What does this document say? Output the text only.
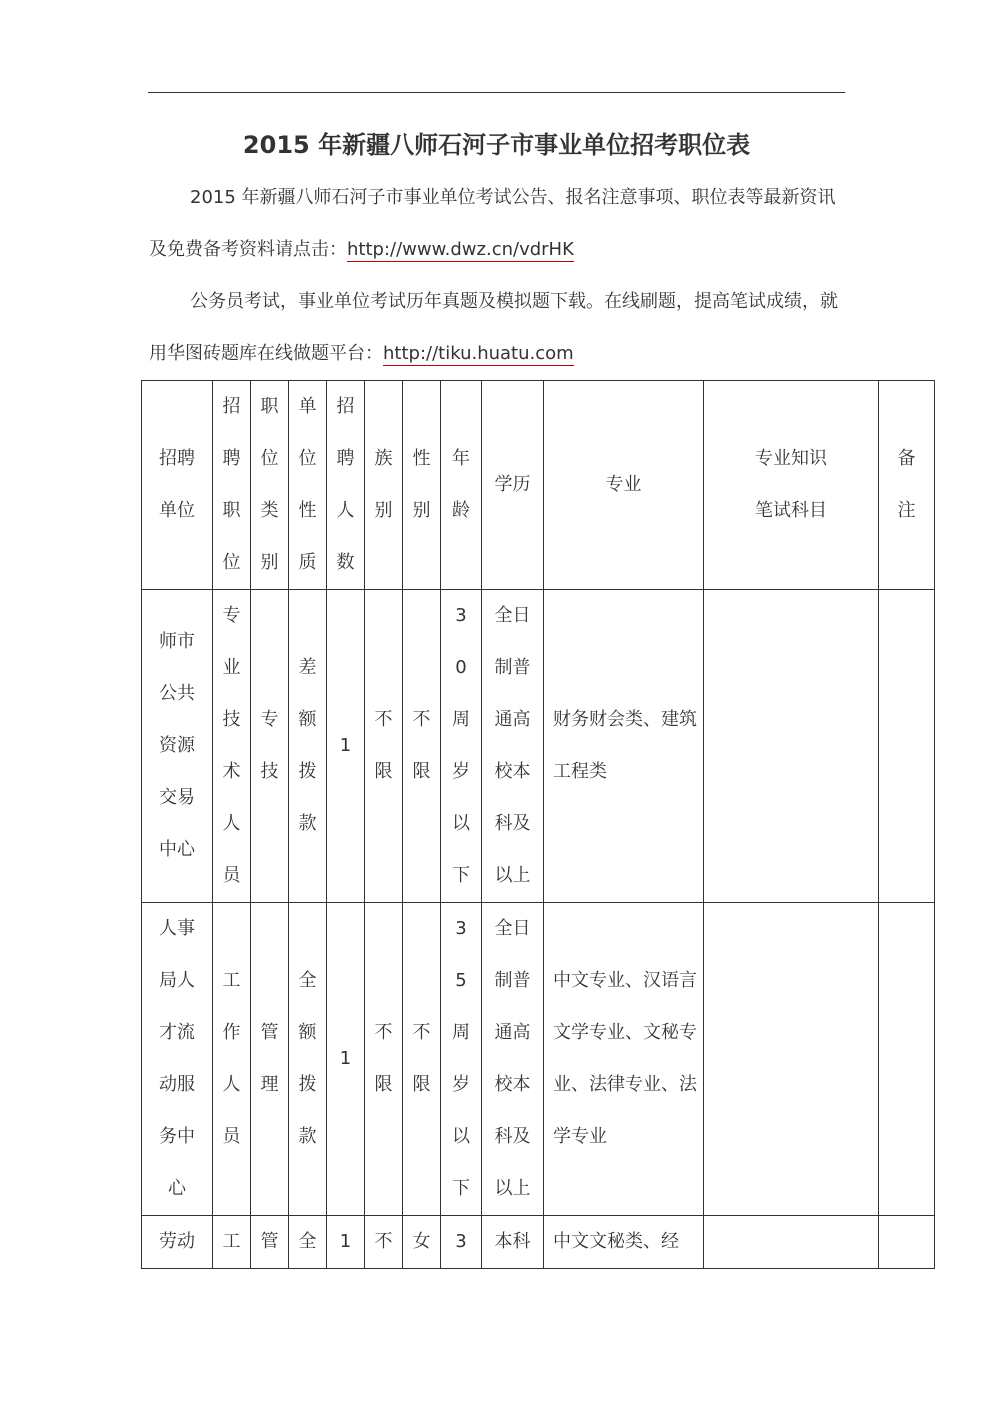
2015 年新疆八师石河子市事业单位招考职位表
2015 年新疆八师石河子市事业单位考试公告、报名注意事项、职位表等最新资讯及免费备考资料请点击：http://www.dwz.cn/vdrHK
公务员考试，事业单位考试历年真题及模拟题下载。在线刷题，提高笔试成绩，就用华图砖题库在线做题平台：http://tiku.huatu.com
招聘单位	招聘职位	职位类别	单位性质	招聘人数	族别	性别	年龄	学历	专业	专业知识笔试科目	备注

师市公共资源交易中心	专业技术人员	专技	差额拨款	1	不限	不限	30周岁以下	全日制普通高校本科及以上	财务财会类、建筑工程类		

人事局人才流动服务中心	工作人员	管理	全额拨款	1	不限	不限	35周岁以下	全日制普通高校本科及以上	中文专业、汉语言文学专业、文秘专业、法律专业、法学专业		

劳动	工	管	全	1	不	女	3	本科	中文文秘类、经		
